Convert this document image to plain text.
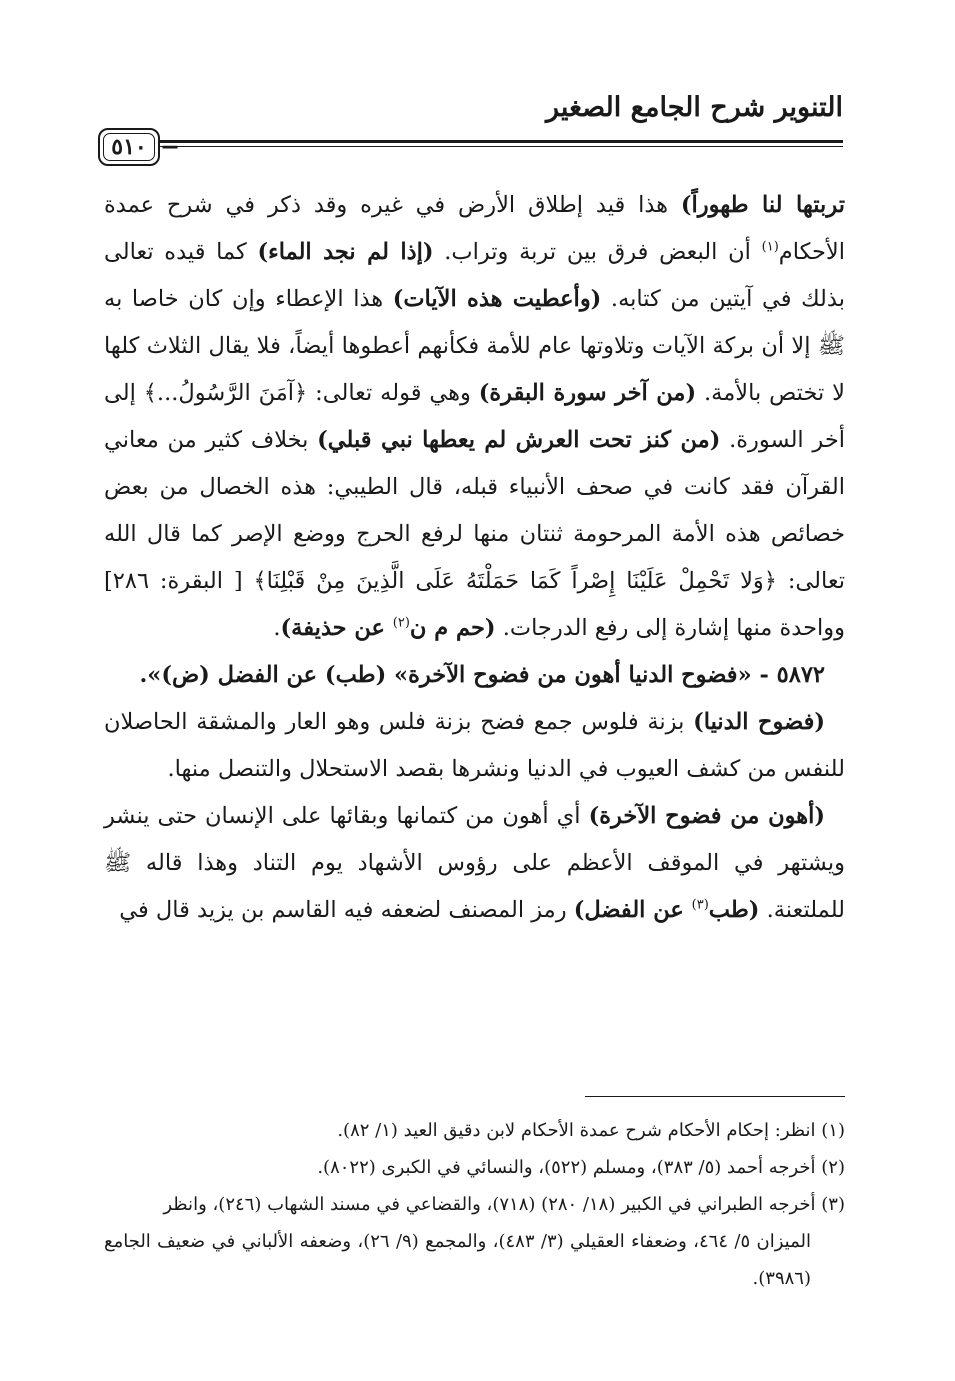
التنوير شرح الجامع الصغير
=
٥١٠

تربتها لنا طهوراً) هذا قيد إطلاق الأرض في غيره وقد ذكر في شرح عمدة الأحكام$^{(١)}$ أن البعض فرق بين تربة وتراب. (إذا لم نجد الماء) كما قيده تعالى بذلك في آيتين من كتابه. (وأعطيت هذه الآيات) هذا الإعطاء وإن كان خاصا به ﷺ إلا أن بركة الآيات وتلاوتها عام للأمة فكأنهم أعطوها أيضاً، فلا يقال الثلاث كلها لا تختص بالأمة. (من آخر سورة البقرة) وهي قوله تعالى: ﴿آمَنَ الرَّسُولُ...﴾ إلى أخر السورة. (من كنز تحت العرش لم يعطها نبي قبلي) بخلاف كثير من معاني القرآن فقد كانت في صحف الأنبياء قبله، قال الطيبي: هذه الخصال من بعض خصائص هذه الأمة المرحومة ثنتان منها لرفع الحرج ووضع الإصر كما قال الله تعالى: ﴿وَلا تَحْمِلْ عَلَيْنَا إِصْراً كَمَا حَمَلْتَهُ عَلَى الَّذِينَ مِنْ قَبْلِنَا﴾ [ البقرة: ٢٨٦] وواحدة منها إشارة إلى رفع الدرجات. (حم م ن$^{(٢)}$ عن حذيفة).

٥٨٧٢ - «فضوح الدنيا أهون من فضوح الآخرة» (طب) عن الفضل (ض)».

(فضوح الدنيا) بزنة فلوس جمع فضح بزنة فلس وهو العار والمشقة الحاصلان للنفس من كشف العيوب في الدنيا ونشرها بقصد الاستحلال والتنصل منها.

(أهون من فضوح الآخرة) أي أهون من كتمانها وبقائها على الإنسان حتى ينشر ويشتهر في الموقف الأعظم على رؤوس الأشهاد يوم التناد وهذا قاله ﷺ للملتعنة. (طب$^{(٣)}$ عن الفضل) رمز المصنف لضعفه فيه القاسم بن يزيد قال في

(١) انظر: إحكام الأحكام شرح عمدة الأحكام لابن دقيق العيد (١/ ٨٢).

(٢) أخرجه أحمد (٥/ ٣٨٣)، ومسلم (٥٢٢)، والنسائي في الكبرى (٨٠٢٢).

(٣) أخرجه الطبراني في الكبير (١٨/ ٢٨٠) (٧١٨)، والقضاعي في مسند الشهاب (٢٤٦)، وانظر

الميزان ٥/ ٤٦٤، وضعفاء العقيلي (٣/ ٤٨٣)، والمجمع (٩/ ٢٦)، وضعفه الألباني في ضعيف الجامع (٣٩٨٦).
